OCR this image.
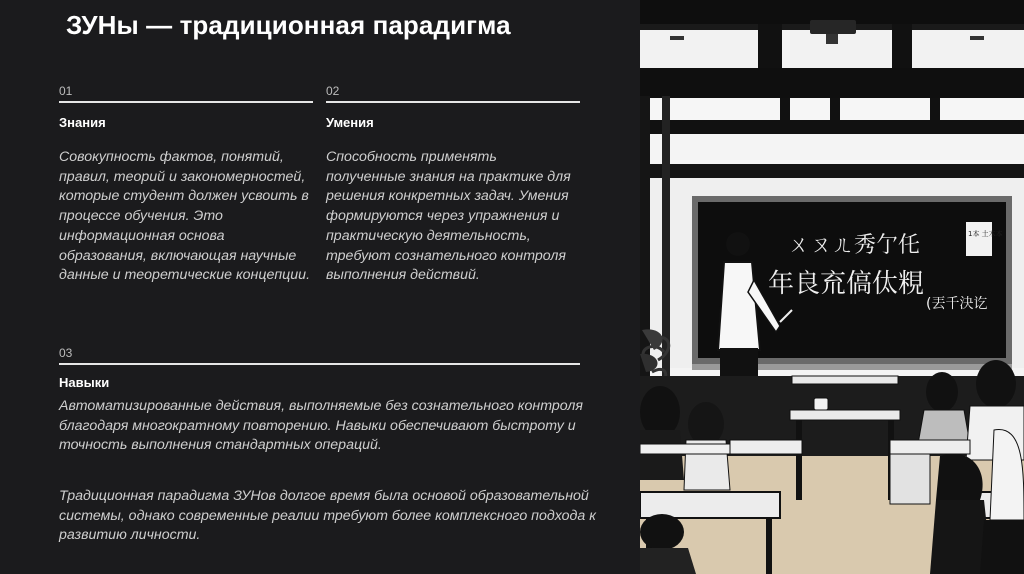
ЗУНы — традиционная парадигма
01
Знания
Совокупность фактов, понятий, правил, теорий и закономерностей, которые студент должен усвоить в процессе обучения. Это информационная основа образования, включающая научные данные и теоретические концепции.
02
Умения
Способность применять полученные знания на практике для решения конкретных задач. Умения формируются через упражнения и практическую деятельность, требуют сознательного контроля выполнения действий.
03
Навыки
Автоматизированные действия, выполняемые без сознательного контроля благодаря многократному повторению. Навыки обеспечивают быстроту и точность выполнения стандартных операций.
Традиционная парадигма ЗУНов долгое время была основой образовательной системы, однако современные реалии требуют более комплексного подхода к развитию личности.
ㄨㄡㄦ秀亇仛
年良㐬傐㑀粯
(丟千決讫
1本 土木本
